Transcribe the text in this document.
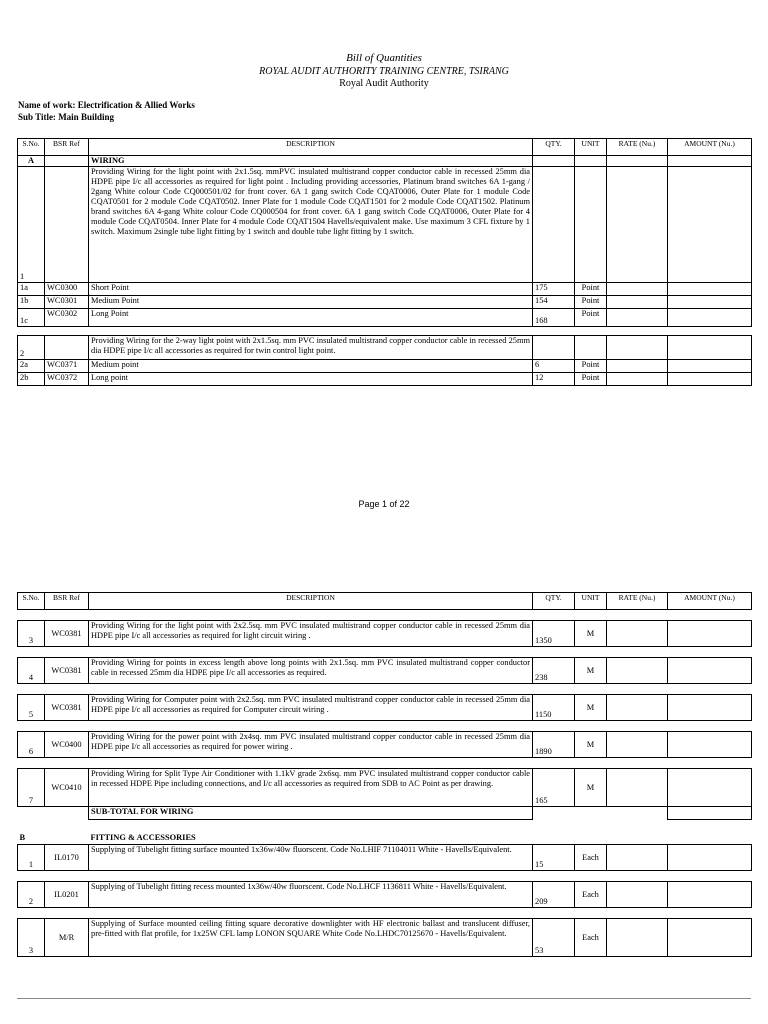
Bill of Quantities
ROYAL AUDIT AUTHORITY TRAINING CENTRE, TSIRANG
Royal Audit Authority
Name of work: Electrification & Allied Works
Sub Title: Main Building
S.No.	BSR Ref	DESCRIPTION	QTY.	UNIT	RATE (Nu.)	AMOUNT (Nu.)
A		WIRING				
1		Providing Wiring for the light point with 2x1.5sq. mmPVC insulated multistrand copper conductor cable in recessed 25mm dia HDPE pipe I/c all accessories as required for light point . Including providing accessories, Platinum brand switches 6A 1-gang / 2gang White colour Code CQ000501/02 for front cover. 6A 1 gang switch Code CQAT0006, Outer Plate for 1 module Code CQAT0501 for 2 module Code CQAT0502. Inner Plate for 1 module Code CQAT1501 for 2 module Code CQAT1502. Platinum brand switches 6A 4-gang White colour Code CQ000504 for front cover. 6A 1 gang switch Code CQAT0006, Outer Plate for 4 module Code CQAT0504. Inner Plate for 4 module Code CQAT1504 Havells/equivalent make. Use maximum 3 CFL fixture by 1 switch. Maximum 2single tube light fitting by 1 switch and double tube light fitting by 1 switch.				
1a	WC0300	Short Point	175	Point		
1b	WC0301	Medium Point	154	Point		
1c	WC0302	Long Point	168	Point		

2		Providing Wiring for the 2-way light point with 2x1.5sq. mm PVC insulated multistrand copper conductor cable in recessed 25mm dia HDPE pipe I/c all accessories as required for twin control light point.				
2a	WC0371	Medium point	6	Point		
2b	WC0372	Long point	12	Point		
Page 1 of 22
S.No.	BSR Ref	DESCRIPTION	QTY.	UNIT	RATE (Nu.)	AMOUNT (Nu.)

3	WC0381	Providing Wiring for the light point with 2x2.5sq. mm PVC insulated multistrand copper conductor cable in recessed 25mm dia HDPE pipe I/c all accessories as required for light circuit wiring .	1350	M		

4	WC0381	Providing Wiring for points in excess length above long points with 2x1.5sq. mm PVC insulated multistrand copper conductor cable in recessed 25mm dia HDPE pipe I/c all accessories as required.	238	M		

5	WC0381	Providing Wiring for Computer point with 2x2.5sq. mm PVC insulated multistrand copper conductor cable in recessed 25mm dia HDPE pipe I/c all accessories as required for Computer circuit wiring .	1150	M		

6	WC0400	Providing Wiring for the power point with 2x4sq. mm PVC insulated multistrand copper conductor cable in recessed 25mm dia HDPE pipe I/c all accessories as required for power wiring .	1890	M		

7	WC0410	Providing Wiring for Split Type Air Conditioner with 1.1kV grade 2x6sq. mm PVC insulated multistrand copper conductor cable in recessed HDPE Pipe including connections, and I/c all accessories as required from SDB to AC Point as per drawing.	165	M		
		SUB-TOTAL FOR WIRING				

B		FITTING & ACCESSORIES				
1	IL0170	Supplying of Tubelight fitting surface mounted 1x36w/40w fluorscent. Code No.LHIF 71104011 White - Havells/Equivalent.	15	Each		

2	IL0201	Supplying of Tubelight fitting recess mounted 1x36w/40w fluorscent. Code No.LHCF 1136811 White - Havells/Equivalent.	209	Each		

3	M/R	Supplying of Surface mounted ceiling fitting square decorative downlighter with HF electronic ballast and translucent diffuser, pre-fitted with flat profile, for 1x25W CFL lamp LONON SQUARE White Code No.LHDC70125670 - Havells/Equivalent.	53	Each		
